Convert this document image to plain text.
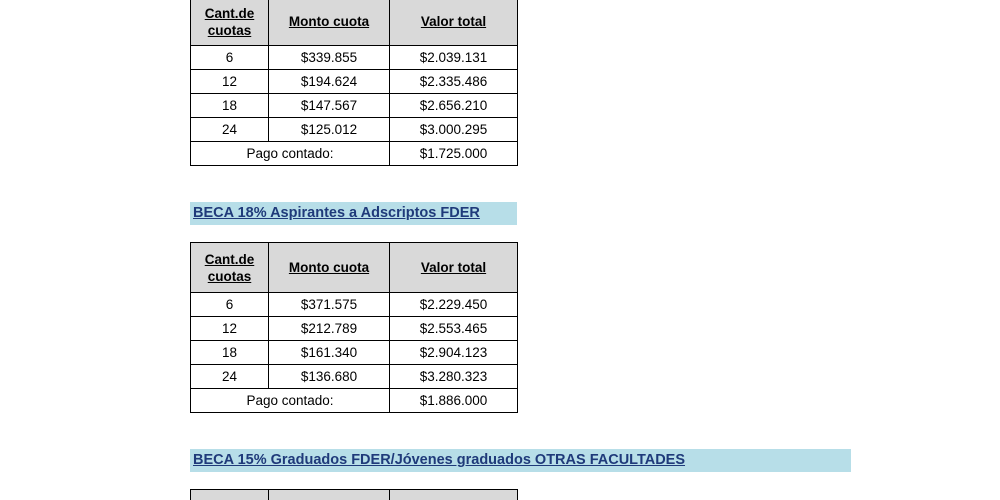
Cant.de
cuotas	Monto cuota	Valor total
6	$339.855	$2.039.131
12	$194.624	$2.335.486
18	$147.567	$2.656.210
24	$125.012	$3.000.295
Pago contado:		$1.725.000
BECA 18% Aspirantes a Adscriptos FDER
Cant.de
cuotas	Monto cuota	Valor total
6	$371.575	$2.229.450
12	$212.789	$2.553.465
18	$161.340	$2.904.123
24	$136.680	$3.280.323
Pago contado:		$1.886.000
BECA 15% Graduados FDER/Jóvenes graduados OTRAS FACULTADES
